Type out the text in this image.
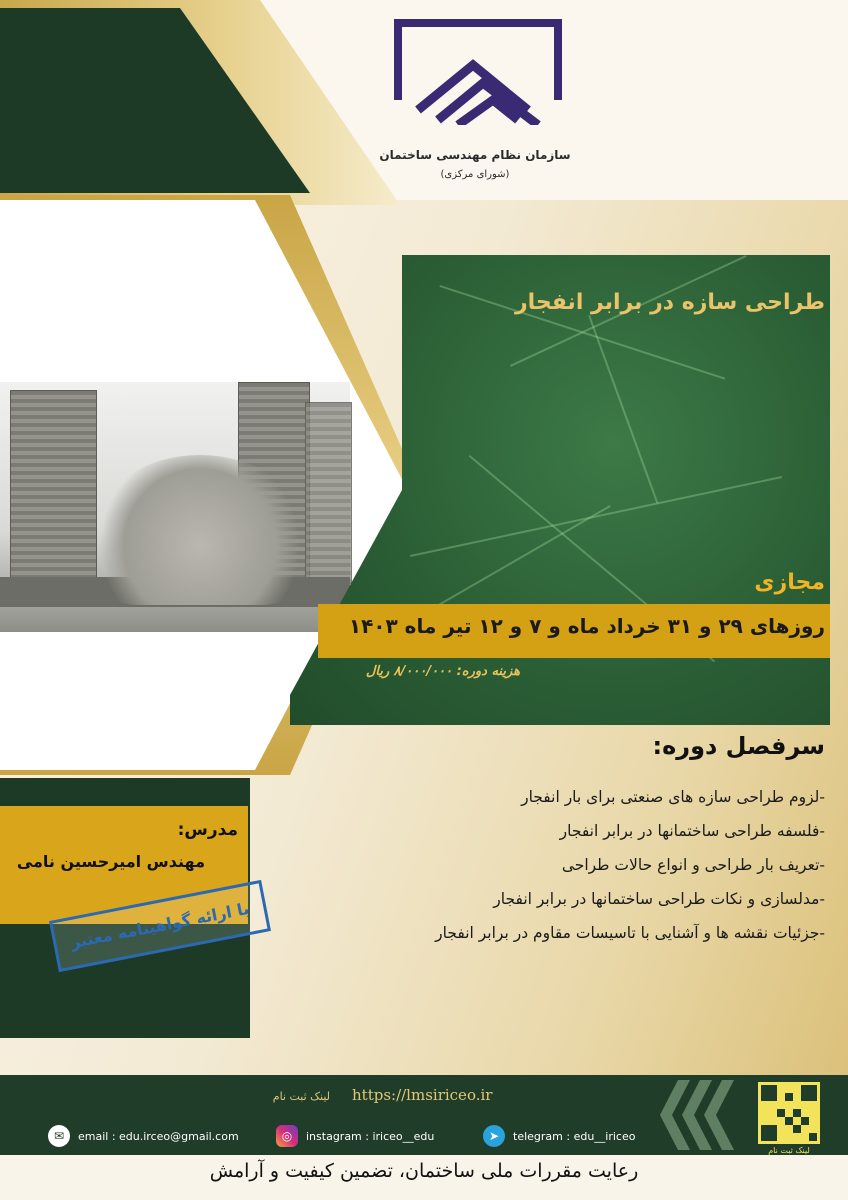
سازمان نظام مهندسی ساختمان
(شورای مرکزی)
طراحی سازه در برابر انفجار
مجازی
روزهای ۲۹ و ۳۱ خرداد ماه و ۷ و ۱۲ تیر ماه ۱۴۰۳
هزینه دوره: ۸/۰۰۰/۰۰۰ ریال
سرفصل دوره:
-لزوم طراحی سازه های صنعتی برای بار انفجار
-فلسفه طراحی ساختمانها در برابر انفجار
-تعریف بار طراحی و انواع حالات طراحی
-مدلسازی و نکات طراحی ساختمانها در برابر انفجار
-جزئیات نقشه ها و آشنایی با تاسیسات مقاوم در برابر انفجار
مدرس:
مهندس امیرحسین نامی
با ارائه گواهینامه معتبر
لینک ثبت نام https://lmsiriceo.ir
✉	email : edu.irceo@gmail.com	◎	instagram : iriceo__edu	➤	telegram : edu__iriceo
لینک ثبت نام
رعایت مقررات ملی ساختمان، تضمین کیفیت و آرامش
